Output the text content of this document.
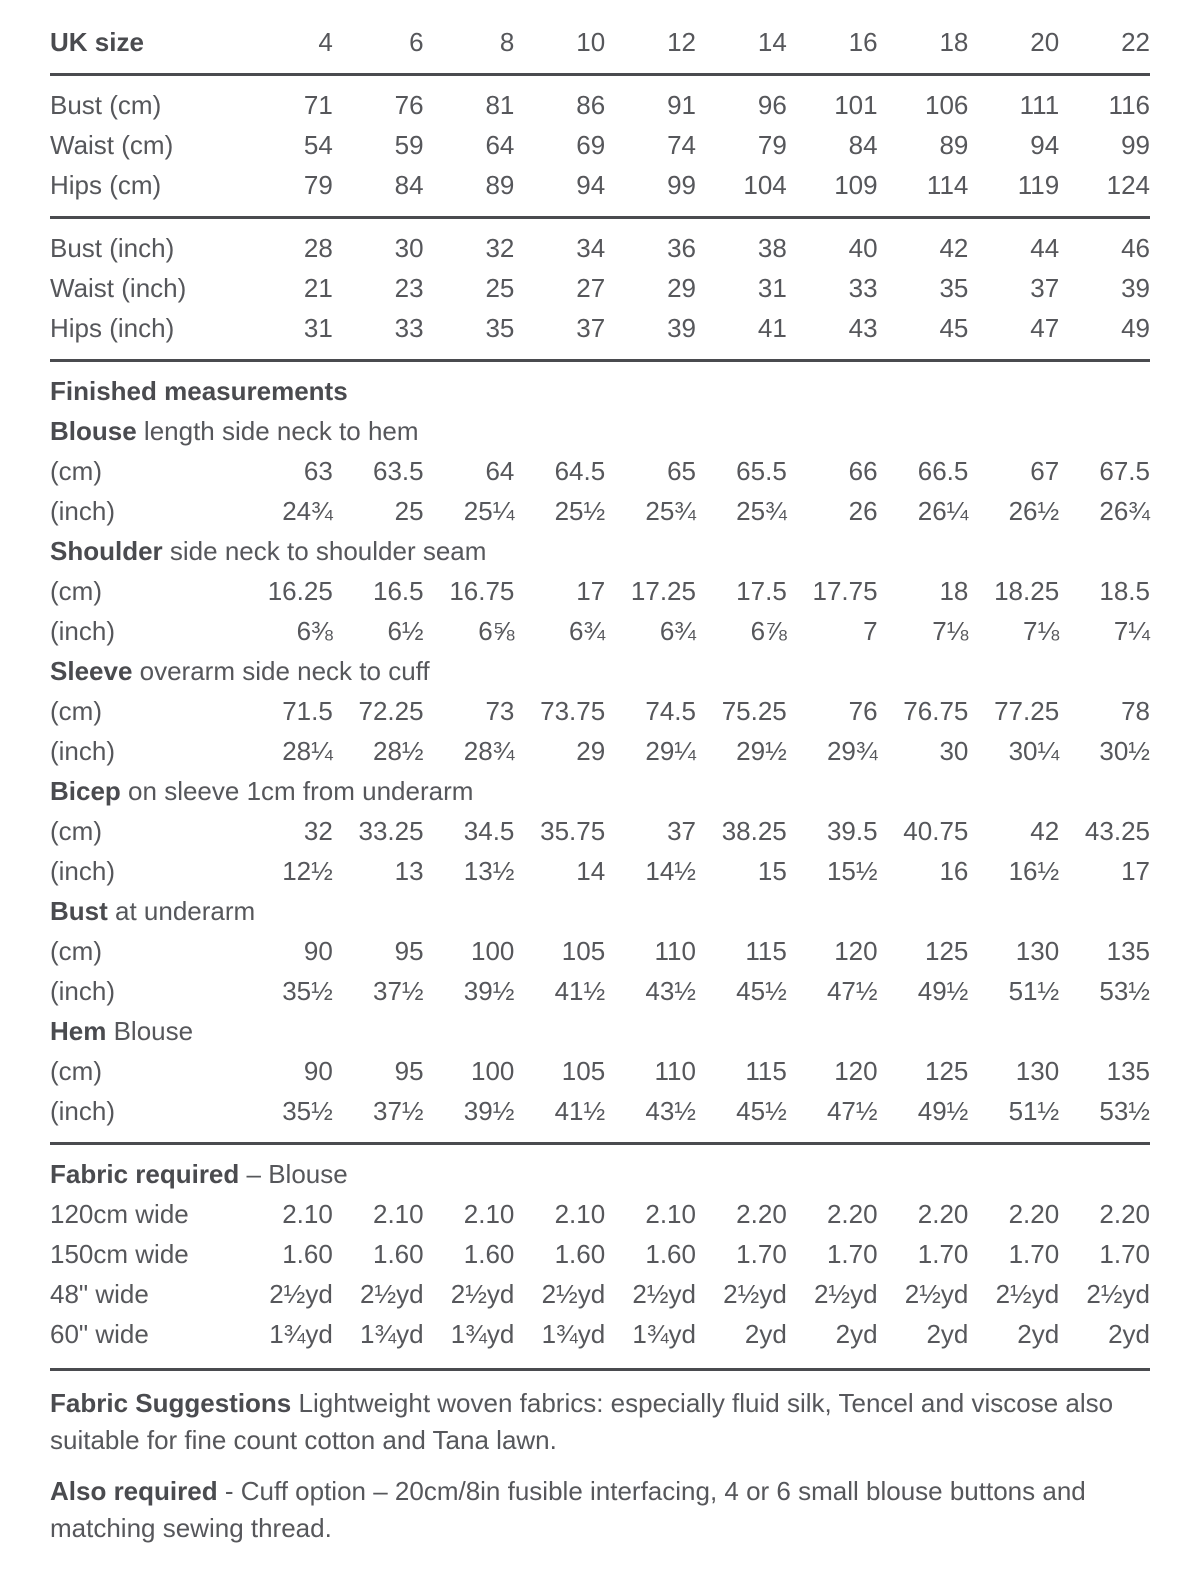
UK size	4	6	8	10	12	14	16	18	20	22
Bust (cm)	71	76	81	86	91	96	101	106	111	116
Waist (cm)	54	59	64	69	74	79	84	89	94	99
Hips (cm)	79	84	89	94	99	104	109	114	119	124
Bust (inch)	28	30	32	34	36	38	40	42	44	46
Waist (inch)	21	23	25	27	29	31	33	35	37	39
Hips (inch)	31	33	35	37	39	41	43	45	47	49

Finished measurements

Blouse length side neck to hem

(cm)	63	63.5	64	64.5	65	65.5	66	66.5	67	67.5
(inch)	24¾	25	25¼	25½	25¾	25¾	26	26¼	26½	26¾

Shoulder side neck to shoulder seam

(cm)	16.25	16.5	16.75	17	17.25	17.5	17.75	18	18.25	18.5
(inch)	6⅜	6½	6⅝	6¾	6¾	6⅞	7	7⅛	7⅛	7¼

Sleeve overarm side neck to cuff

(cm)	71.5	72.25	73	73.75	74.5	75.25	76	76.75	77.25	78
(inch)	28¼	28½	28¾	29	29¼	29½	29¾	30	30¼	30½

Bicep on sleeve 1cm from underarm

(cm)	32	33.25	34.5	35.75	37	38.25	39.5	40.75	42	43.25
(inch)	12½	13	13½	14	14½	15	15½	16	16½	17

Bust at underarm

(cm)	90	95	100	105	110	115	120	125	130	135
(inch)	35½	37½	39½	41½	43½	45½	47½	49½	51½	53½

Hem Blouse

(cm)	90	95	100	105	110	115	120	125	130	135
(inch)	35½	37½	39½	41½	43½	45½	47½	49½	51½	53½

Fabric required – Blouse

120cm wide	2.10	2.10	2.10	2.10	2.10	2.20	2.20	2.20	2.20	2.20
150cm wide	1.60	1.60	1.60	1.60	1.60	1.70	1.70	1.70	1.70	1.70
48" wide	2½yd	2½yd	2½yd	2½yd	2½yd	2½yd	2½yd	2½yd	2½yd	2½yd
60" wide	1¾yd	1¾yd	1¾yd	1¾yd	1¾yd	2yd	2yd	2yd	2yd	2yd

Fabric Suggestions Lightweight woven fabrics: especially fluid silk, Tencel and viscose also suitable for fine count cotton and Tana lawn.

Also required - Cuff option – 20cm/8in fusible interfacing, 4 or 6 small blouse buttons and matching sewing thread.
